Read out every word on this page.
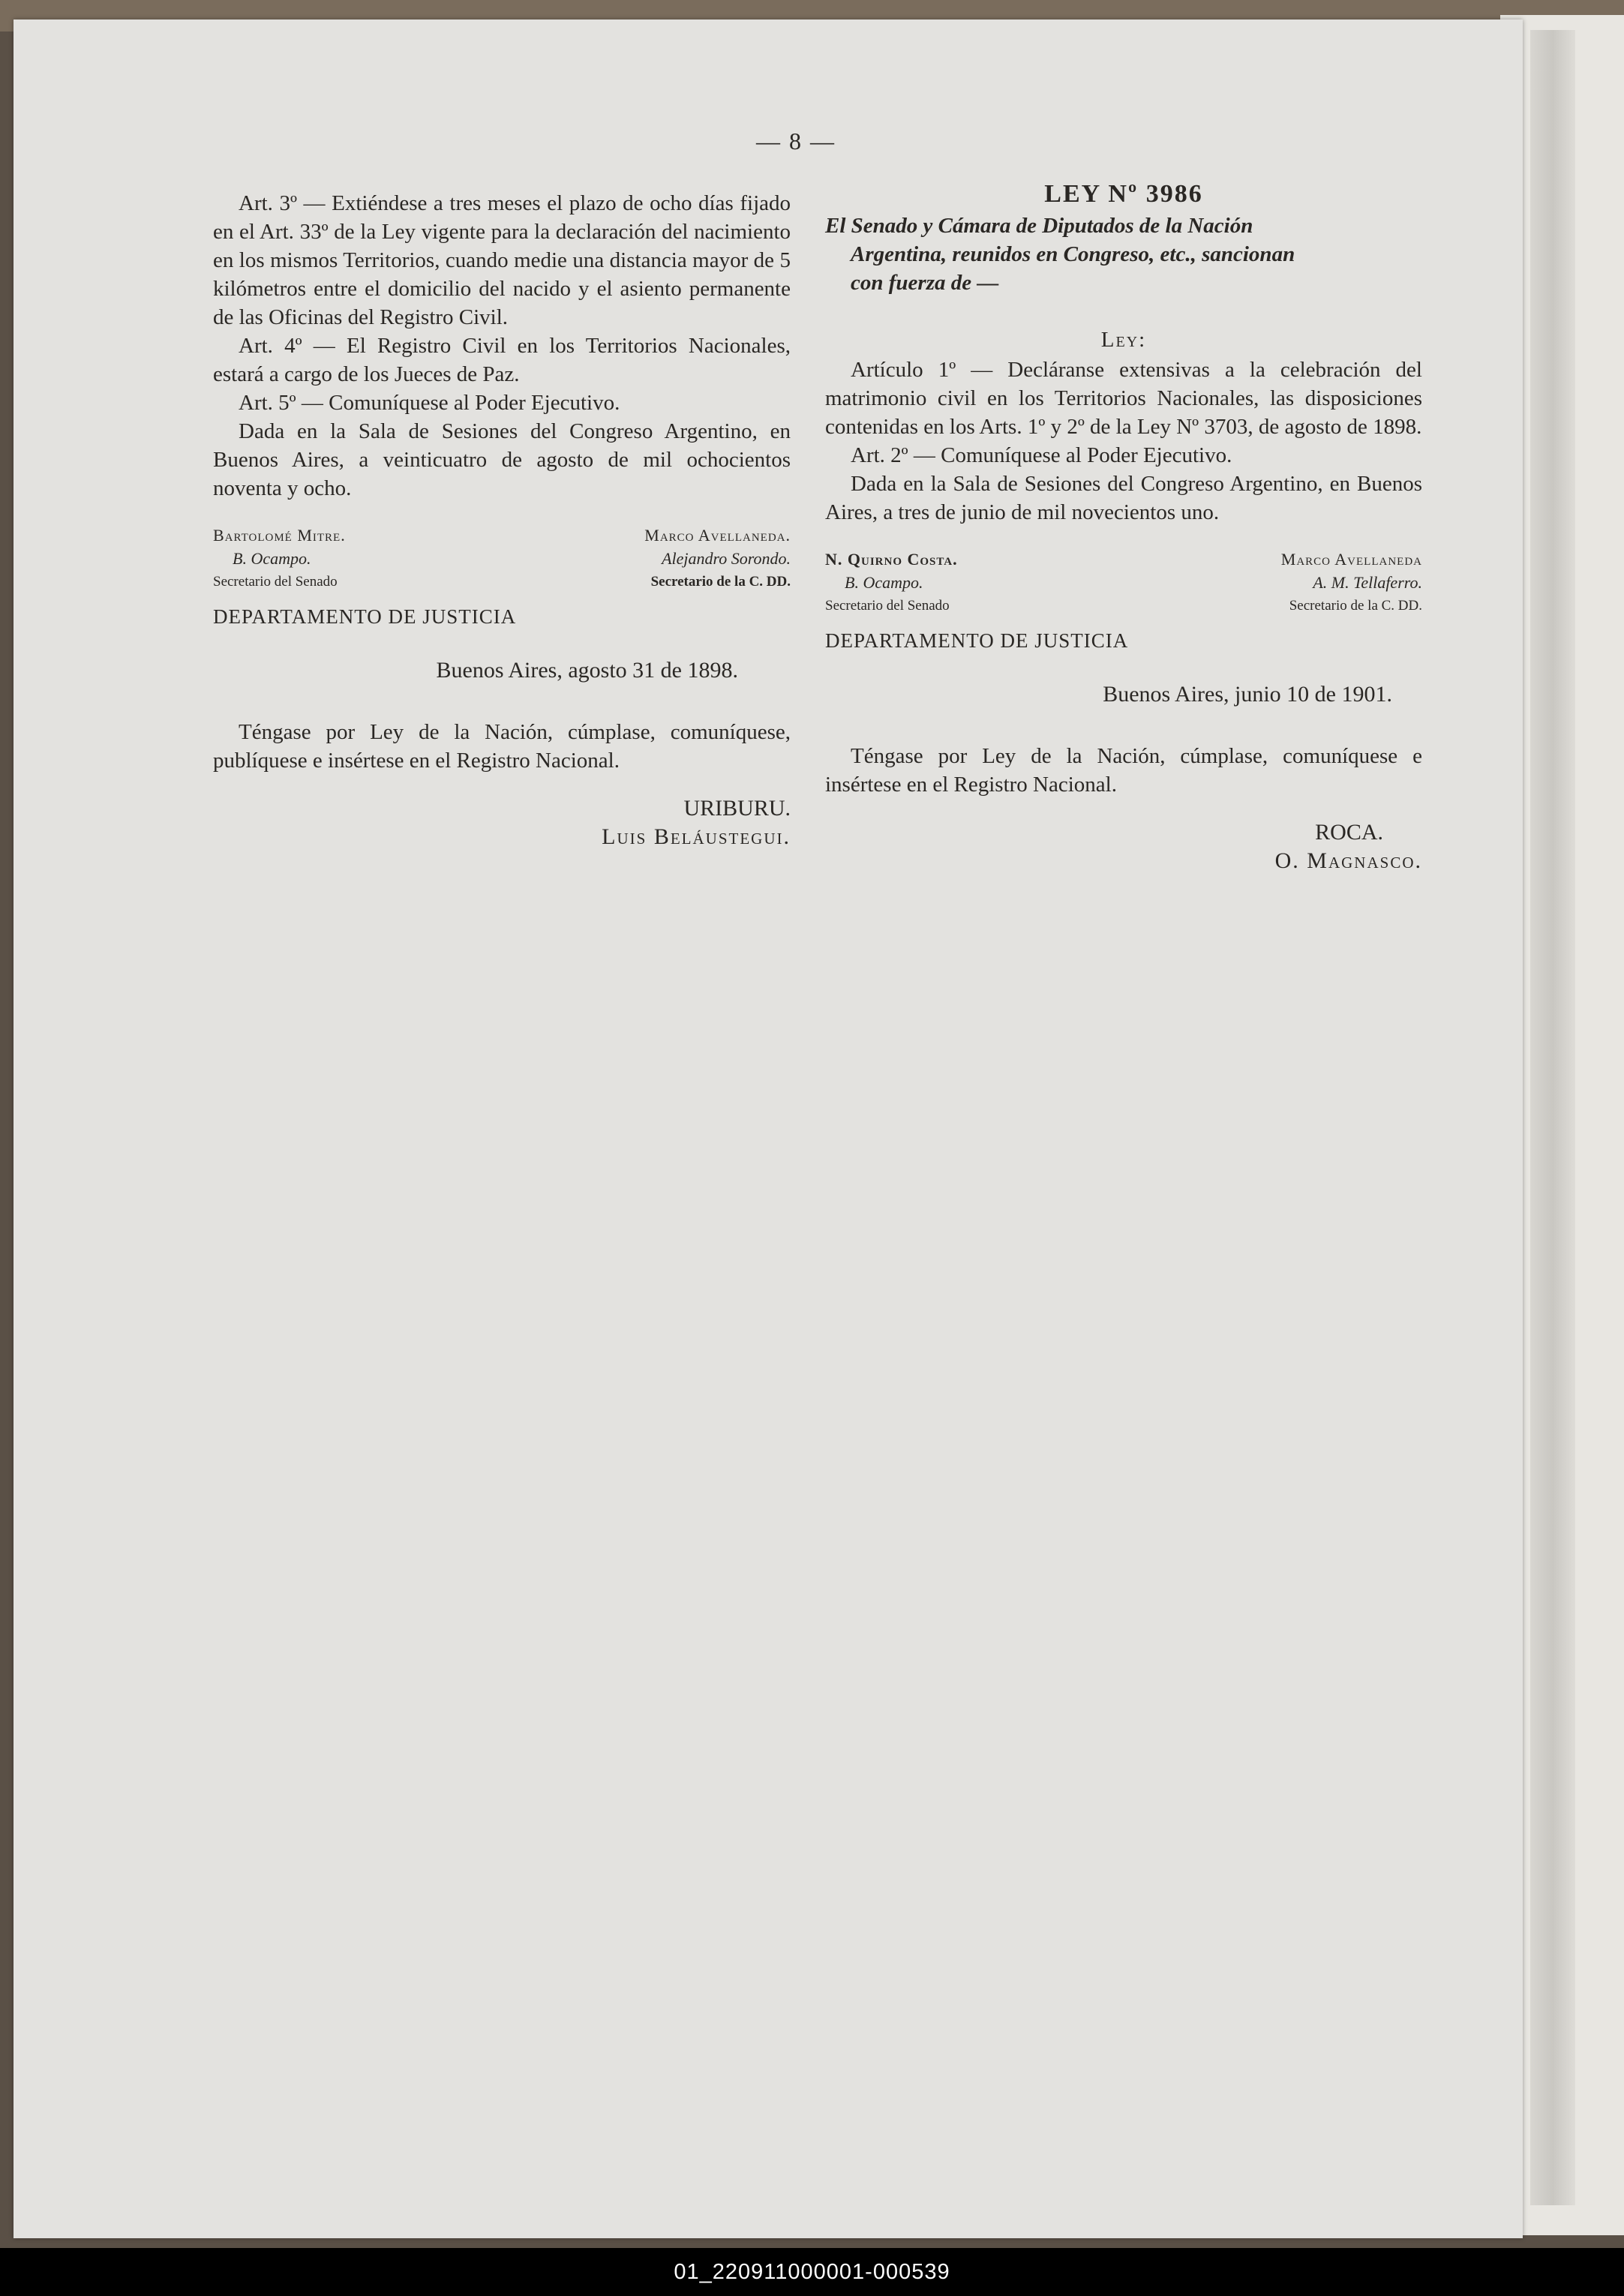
— 8 —

Art. 3º — Extiéndese a tres meses el plazo de ocho días fijado en el Art. 33º de la Ley vigente para la declaración del nacimiento en los mismos Territorios, cuando medie una distancia mayor de 5 kilómetros entre el domicilio del nacido y el asiento permanente de las Oficinas del Registro Civil.

Art. 4º — El Registro Civil en los Territorios Nacionales, estará a cargo de los Jueces de Paz.

Art. 5º — Comuníquese al Poder Ejecutivo.

Dada en la Sala de Sesiones del Congreso Argentino, en Buenos Aires, a veinticuatro de agosto de mil ochocientos noventa y ocho.

Bartolomé Mitre.
B. Ocampo.
Secretario del Senado
Marco Avellaneda.
Alejandro Sorondo.
Secretario de la C. DD.
DEPARTAMENTO DE JUSTICIA
Buenos Aires, agosto 31 de 1898.

Téngase por Ley de la Nación, cúmplase, comuníquese, publíquese e insértese en el Registro Nacional.

URIBURU.
Luis Beláustegui.
LEY Nº 3986
El Senado y Cámara de Diputados de la Nación
Argentina, reunidos en Congreso, etc., sancionan
con fuerza de —
Ley:

Artículo 1º — Decláranse extensivas a la celebración del matrimonio civil en los Territorios Nacionales, las disposiciones contenidas en los Arts. 1º y 2º de la Ley Nº 3703, de agosto de 1898.

Art. 2º — Comuníquese al Poder Ejecutivo.

Dada en la Sala de Sesiones del Congreso Argentino, en Buenos Aires, a tres de junio de mil novecientos uno.

N. Quirno Costa.
B. Ocampo.
Secretario del Senado
Marco Avellaneda
A. M. Tellaferro.
Secretario de la C. DD.
DEPARTAMENTO DE JUSTICIA
Buenos Aires, junio 10 de 1901.

Téngase por Ley de la Nación, cúmplase, comuníquese e insértese en el Registro Nacional.

ROCA.
O. Magnasco.
01_220911000001-000539
